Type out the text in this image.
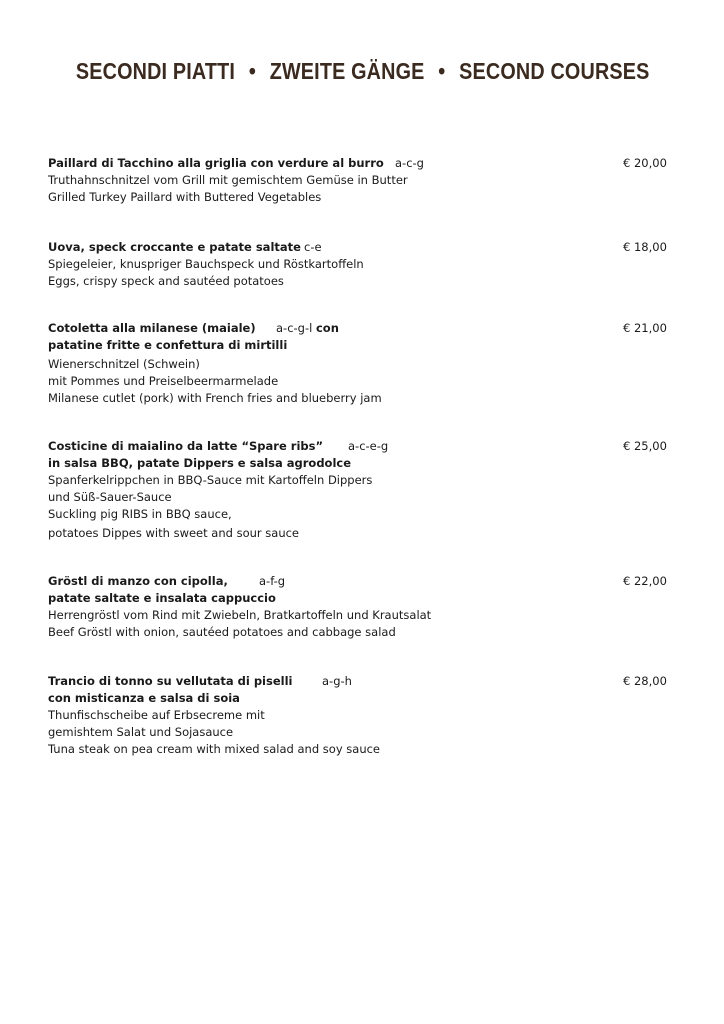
SECONDI PIATTI • ZWEITE GÄNGE • SECOND COURSES
Paillard di Tacchino alla griglia con verdure al burro a-c-g
Truthahnschnitzel vom Grill mit gemischtem Gemüse in Butter
Grilled Turkey Paillard with Buttered Vegetables
€ 20,00
Uova, speck croccante e patate saltate c-e
Spiegeleier, knuspriger Bauchspeck und Röstkartoffeln
Eggs, crispy speck and sautéed potatoes
€ 18,00
Cotoletta alla milanese (maiale) a-c-g-l con
patatine fritte e confettura di mirtilli
Wienerschnitzel (Schwein)
mit Pommes und Preiselbeermarmelade
Milanese cutlet (pork) with French fries and blueberry jam
€ 21,00
Costicine di maialino da latte “Spare ribs” a-c-e-g
in salsa BBQ, patate Dippers e salsa agrodolce
Spanferkelrippchen in BBQ-Sauce mit Kartoffeln Dippers
und Süß-Sauer-Sauce
Suckling pig RIBS in BBQ sauce,
potatoes Dippes with sweet and sour sauce
€ 25,00
Gröstl di manzo con cipolla,	a-f-g
patate saltate e insalata cappuccio
Herrengröstl vom Rind mit Zwiebeln, Bratkartoffeln und Krautsalat
Beef Gröstl with onion, sautéed potatoes and cabbage salad
€ 22,00
Trancio di tonno su vellutata di piselli	a-g-h
con misticanza e salsa di soia
Thunfischscheibe auf Erbsecreme mit
gemishtem Salat und Sojasauce
Tuna steak on pea cream with mixed salad and soy sauce
€ 28,00
